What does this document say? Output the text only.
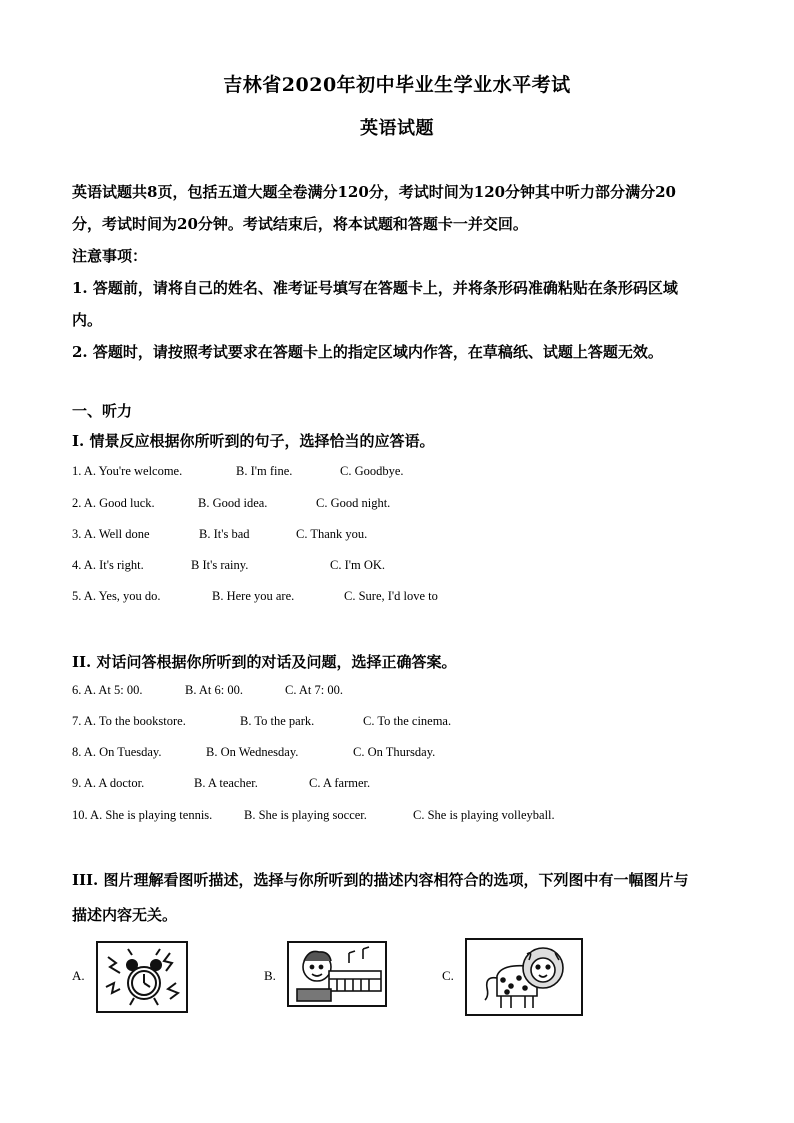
吉林省2020年初中毕业生学业水平考试
英语试题
英语试题共8页，包括五道大题全卷满分120分，考试时间为120分钟其中听力部分满分20
分，考试时间为20分钟。考试结束后，将本试题和答题卡一并交回。
注意事项：
1. 答题前，请将自己的姓名、准考证号填写在答题卡上，并将条形码准确粘贴在条形码区域
内。
2. 答题时，请按照考试要求在答题卡上的指定区域内作答，在草稿纸、试题上答题无效。
一、听力
I. 情景反应根据你所听到的句子，选择恰当的应答语。
1. A. You're welcome.	B. I'm fine.	C. Goodbye.
2. A. Good luck.	B. Good idea.	C. Good night.
3. A. Well done	B. It's bad	C. Thank you.
4. A. It's right.	B It's rainy.	C. I'm OK.
5. A. Yes, you do.	B. Here you are.	C. Sure, I'd love to
II. 对话问答根据你所听到的对话及问题，选择正确答案。
6. A. At 5: 00.	B. At 6: 00.	C. At 7: 00.
7. A. To the bookstore.	B. To the park.	C. To the cinema.
8. A. On Tuesday.	B. On Wednesday.	C. On Thursday.
9. A. A doctor.	B. A teacher.	C. A farmer.
10. A. She is playing tennis.	B. She is playing soccer.	C. She is playing volleyball.
III. 图片理解看图听描述，选择与你所听到的描述内容相符合的选项，下列图中有一幅图片与
描述内容无关。
A.	B.	C.
